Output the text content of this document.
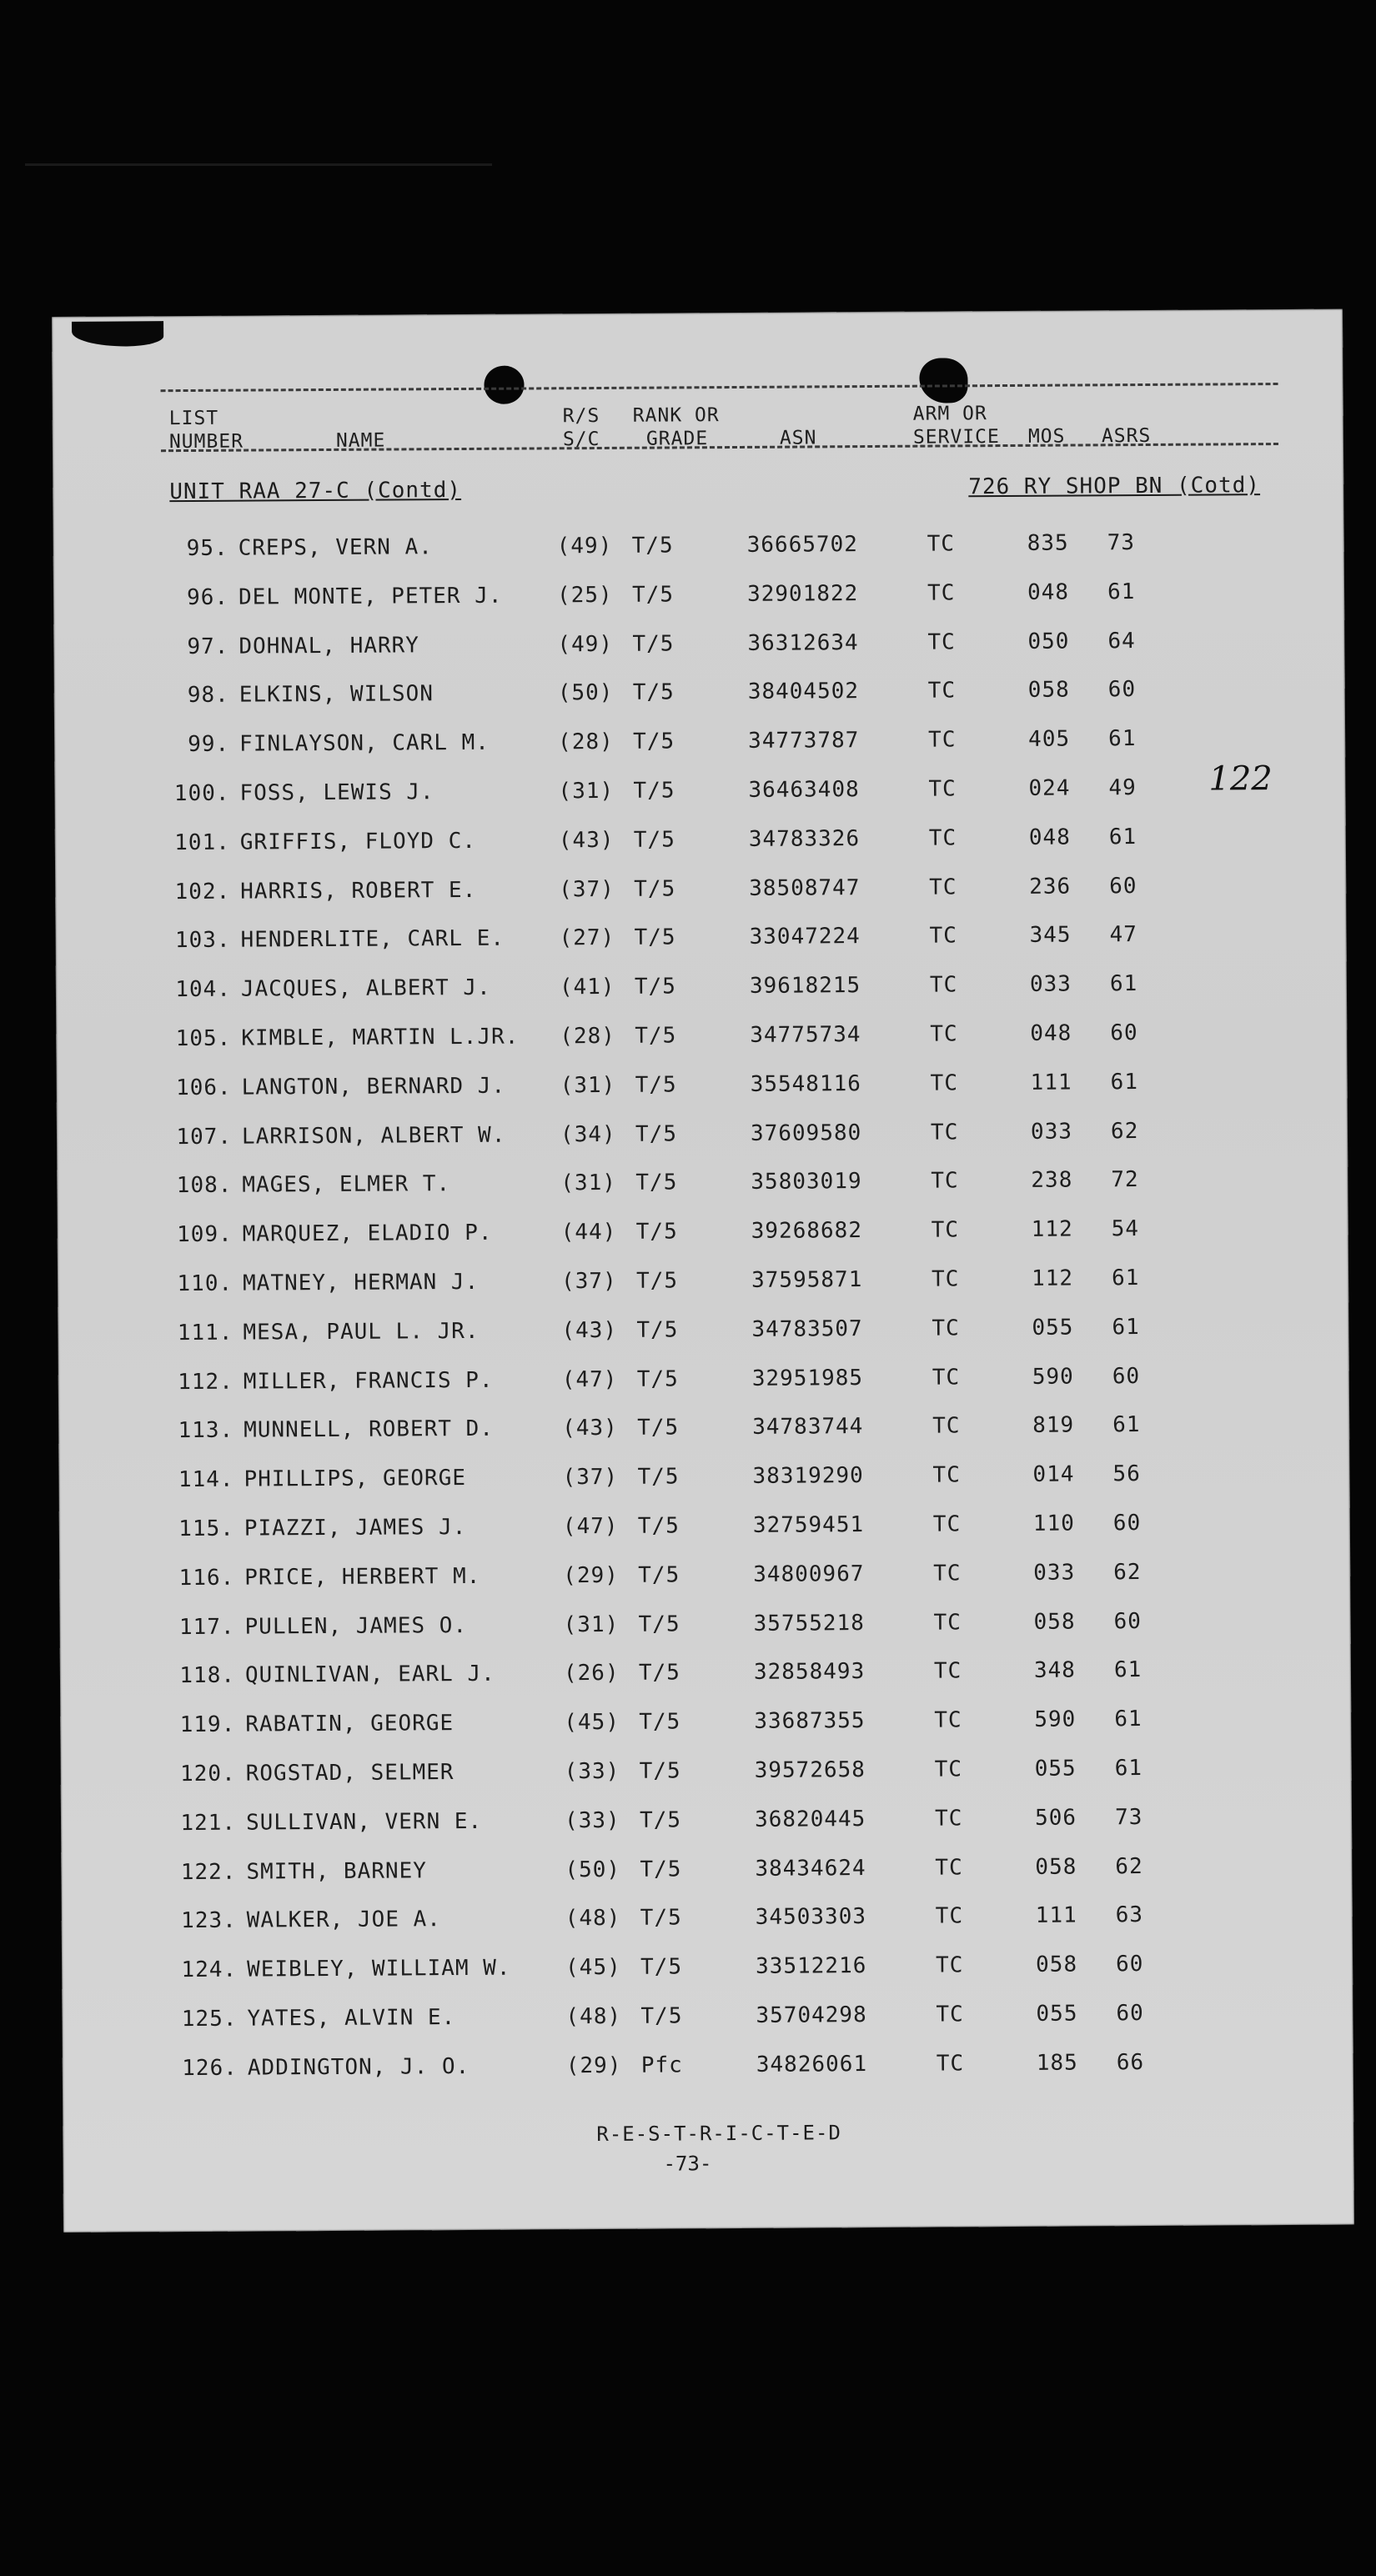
LIST
NUMBER	NAME
R/S
S/C
RANK OR
GRADE	ASN
ARM OR
SERVICE MOS ASRS
UNIT RAA 27-C (Contd)	726 RY SHOP BN (Cotd)
122
95. CREPS, VERN A.	(49) T/5	36665702	TC	835 73
96. DEL MONTE, PETER J.	(25) T/5	32901822	TC	048 61
97. DOHNAL, HARRY	(49) T/5	36312634	TC	050 64
98. ELKINS, WILSON	(50) T/5	38404502	TC	058 60
99. FINLAYSON, CARL M.	(28) T/5	34773787	TC	405 61
100. FOSS, LEWIS J.	(31) T/5	36463408	TC	024 49
101. GRIFFIS, FLOYD C.	(43) T/5	34783326	TC	048 61
102. HARRIS, ROBERT E.	(37) T/5	38508747	TC	236 60
103. HENDERLITE, CARL E.	(27) T/5	33047224	TC	345 47
104. JACQUES, ALBERT J.	(41) T/5	39618215	TC	033 61
105. KIMBLE, MARTIN L.JR. (28) T/5	34775734	TC	048 60
106. LANGTON, BERNARD J.	(31) T/5	35548116	TC	111 61
107. LARRISON, ALBERT W.	(34) T/5	37609580	TC	033 62
108. MAGES, ELMER T.	(31) T/5	35803019	TC	238 72
109. MARQUEZ, ELADIO P.	(44) T/5	39268682	TC	112 54
110. MATNEY, HERMAN J.	(37) T/5	37595871	TC	112 61
111. MESA, PAUL L. JR.	(43) T/5	34783507	TC	055 61
112. MILLER, FRANCIS P.	(47) T/5	32951985	TC	590 60
113. MUNNELL, ROBERT D.	(43) T/5	34783744	TC	819 61
114. PHILLIPS, GEORGE	(37) T/5	38319290	TC	014 56
115. PIAZZI, JAMES J.	(47) T/5	32759451	TC	110 60
116. PRICE, HERBERT M.	(29) T/5	34800967	TC	033 62
117. PULLEN, JAMES O.	(31) T/5	35755218	TC	058 60
118. QUINLIVAN, EARL J.	(26) T/5	32858493	TC	348 61
119. RABATIN, GEORGE	(45) T/5	33687355	TC	590 61
120. ROGSTAD, SELMER	(33) T/5	39572658	TC	055 61
121. SULLIVAN, VERN E.	(33) T/5	36820445	TC	506 73
122. SMITH, BARNEY	(50) T/5	38434624	TC	058 62
123. WALKER, JOE A.	(48) T/5	34503303	TC	111 63
124. WEIBLEY, WILLIAM W.	(45) T/5	33512216	TC	058 60
125. YATES, ALVIN E.	(48) T/5	35704298	TC	055 60
126. ADDINGTON, J. O.	(29) Pfc	34826061	TC	185 66
R-E-S-T-R-I-C-T-E-D
-73-
